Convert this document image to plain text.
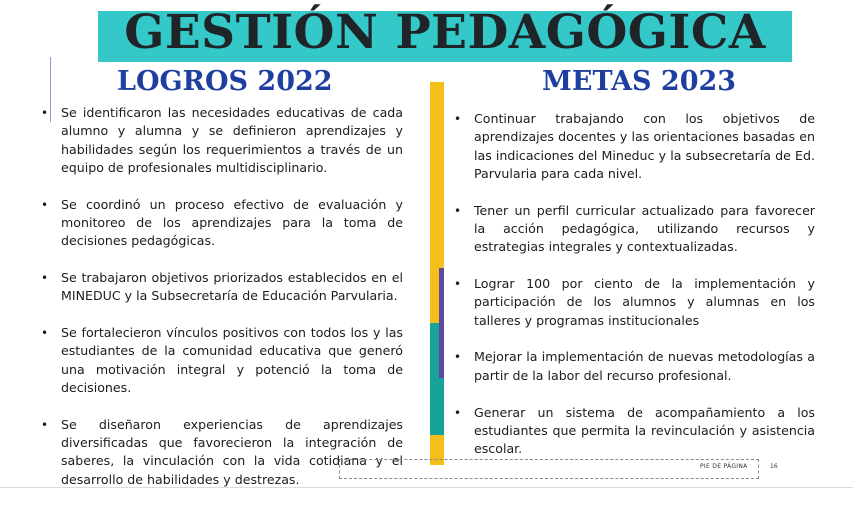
GESTIÓN PEDAGÓGICA
LOGROS 2022	METAS 2023
• Se identificaron las necesidades educativas de cada alumno y alumna y se definieron aprendizajes y habilidades según los requerimientos a través de un equipo de profesionales multidisciplinario.
• Se coordinó un proceso efectivo de evaluación y monitoreo de los aprendizajes para la toma de decisiones pedagógicas.
• Se trabajaron objetivos priorizados establecidos en el MINEDUC y la Subsecretaría de Educación Parvularia.
• Se fortalecieron vínculos positivos con todos los y las estudiantes de la comunidad educativa que generó una motivación integral y potenció la toma de decisiones.
• Se diseñaron experiencias de aprendizajes diversificadas que favorecieron la integración de saberes, la vinculación con la vida cotidiana y el desarrollo de habilidades y destrezas.
• Continuar trabajando con los objetivos de aprendizajes docentes y las orientaciones basadas en las indicaciones del Mineduc y la subsecretaría de Ed. Parvularia para cada nivel.
• Tener un perfil curricular actualizado para favorecer la acción pedagógica, utilizando recursos y estrategias integrales y contextualizadas.
• Lograr 100 por ciento de la implementación y participación de los alumnos y alumnas en los talleres y programas institucionales
• Mejorar la implementación de nuevas metodologías a partir de la labor del recurso profesional.
• Generar un sistema de acompañamiento a los estudiantes que permita la revinculación y asistencia escolar.
PIE DE PÁGINA	16
